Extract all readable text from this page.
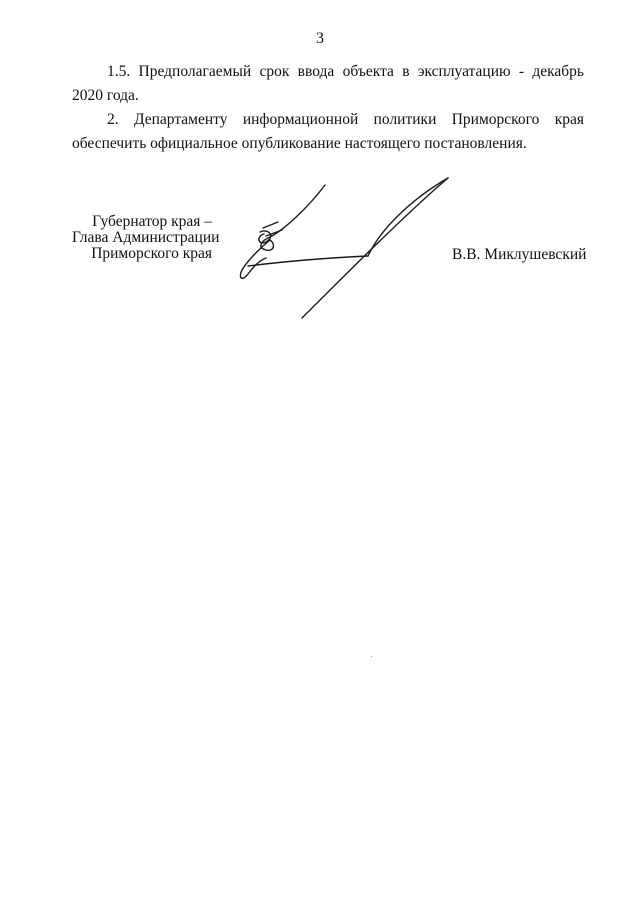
3
1.5. Предполагаемый срок ввода объекта в эксплуатацию - декабрь
2020 года.
2. Департаменту информационной политики Приморского края
обеспечить официальное опубликование настоящего постановления.
Губернатор края –
Глава Администрации
Приморского края	В.В. Миклушевский
